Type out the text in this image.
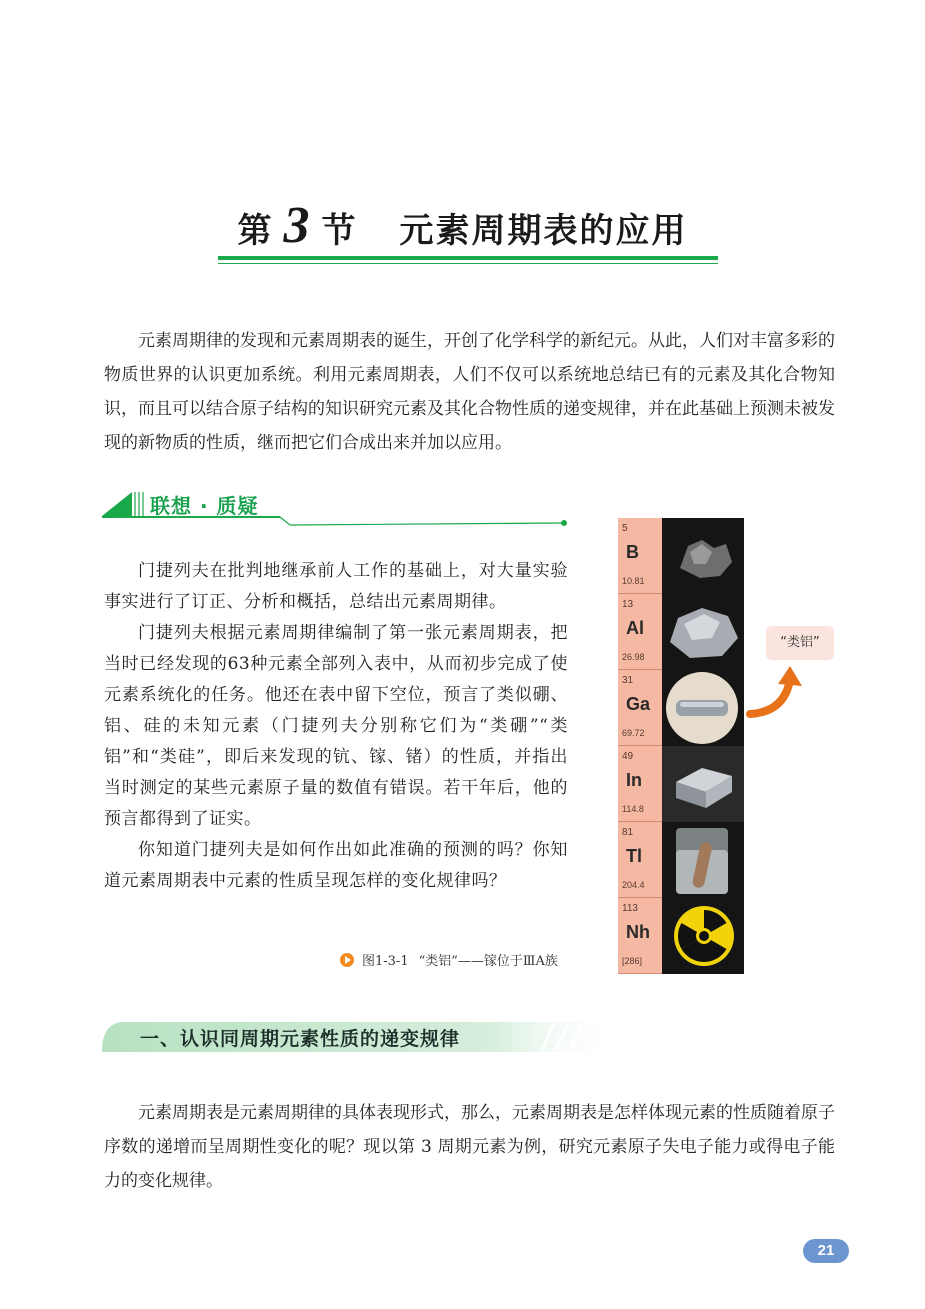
第 3 节 元素周期表的应用
元素周期律的发现和元素周期表的诞生，开创了化学科学的新纪元。从此，人们对丰富多彩的物质世界的认识更加系统。利用元素周期表，人们不仅可以系统地总结已有的元素及其化合物知识，而且可以结合原子结构的知识研究元素及其化合物性质的递变规律，并在此基础上预测未被发现的新物质的性质，继而把它们合成出来并加以应用。
联想 · 质疑

门捷列夫在批判地继承前人工作的基础上，对大量实验事实进行了订正、分析和概括，总结出元素周期律。

门捷列夫根据元素周期律编制了第一张元素周期表，把当时已经发现的63种元素全部列入表中，从而初步完成了使元素系统化的任务。他还在表中留下空位，预言了类似硼、铝、硅的未知元素（门捷列夫分别称它们为“类硼”“类铝”和“类硅”，即后来发现的钪、镓、锗）的性质，并指出当时测定的某些元素原子量的数值有错误。若干年后，他的预言都得到了证实。

你知道门捷列夫是如何作出如此准确的预测的吗？你知道元素周期表中元素的性质呈现怎样的变化规律吗？

图1-3-1 “类铝”——镓位于ⅢA族
5
B
10.81
13
Al
26.98
31
Ga
69.72
49
In
114.8
81
Tl
204.4
113
Nh
[286]
“类铝”
一、认识同周期元素性质的递变规律
元素周期表是元素周期律的具体表现形式，那么，元素周期表是怎样体现元素的性质随着原子序数的递增而呈周期性变化的呢？现以第 3 周期元素为例，研究元素原子失电子能力或得电子能力的变化规律。
21
